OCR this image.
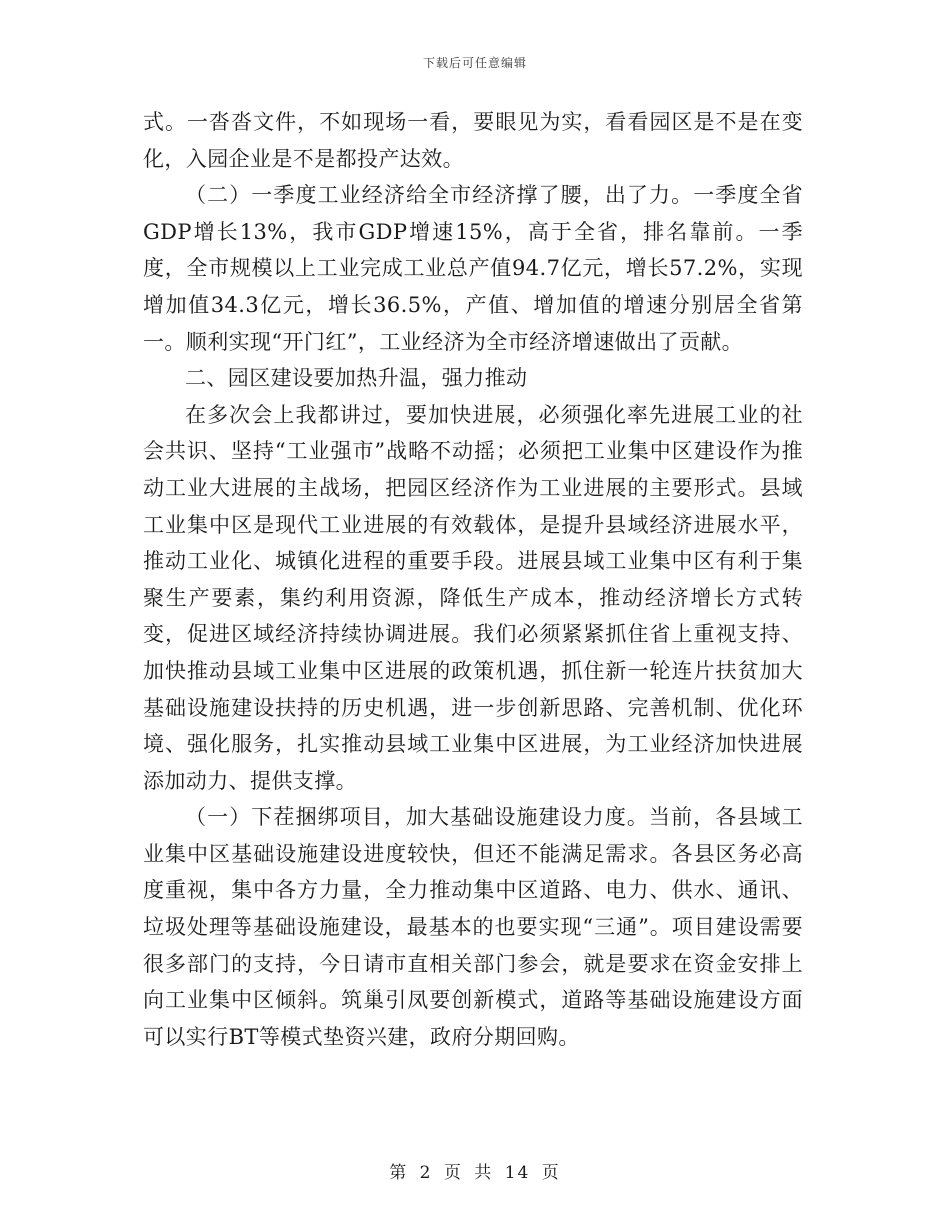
下载后可任意编辑

式。一沓沓文件，不如现场一看，要眼见为实，看看园区是不是在变化，入园企业是不是都投产达效。

（二）一季度工业经济给全市经济撑了腰，出了力。一季度全省GDP增长13%，我市GDP增速15%，高于全省，排名靠前。一季度，全市规模以上工业完成工业总产值94.7亿元，增长57.2%，实现增加值34.3亿元，增长36.5%，产值、增加值的增速分别居全省第一。顺利实现“开门红”，工业经济为全市经济增速做出了贡献。

二、园区建设要加热升温，强力推动

在多次会上我都讲过，要加快进展，必须强化率先进展工业的社会共识、坚持“工业强市”战略不动摇；必须把工业集中区建设作为推动工业大进展的主战场，把园区经济作为工业进展的主要形式。县域工业集中区是现代工业进展的有效载体，是提升县域经济进展水平，推动工业化、城镇化进程的重要手段。进展县域工业集中区有利于集聚生产要素，集约利用资源，降低生产成本，推动经济增长方式转变，促进区域经济持续协调进展。我们必须紧紧抓住省上重视支持、加快推动县域工业集中区进展的政策机遇，抓住新一轮连片扶贫加大基础设施建设扶持的历史机遇，进一步创新思路、完善机制、优化环境、强化服务，扎实推动县域工业集中区进展，为工业经济加快进展添加动力、提供支撑。

（一）下茬捆绑项目，加大基础设施建设力度。当前，各县域工业集中区基础设施建设进度较快，但还不能满足需求。各县区务必高度重视，集中各方力量，全力推动集中区道路、电力、供水、通讯、垃圾处理等基础设施建设，最基本的也要实现“三通”。项目建设需要很多部门的支持，今日请市直相关部门参会，就是要求在资金安排上向工业集中区倾斜。筑巢引凤要创新模式，道路等基础设施建设方面可以实行BT等模式垫资兴建，政府分期回购。

第 2 页 共 14 页
